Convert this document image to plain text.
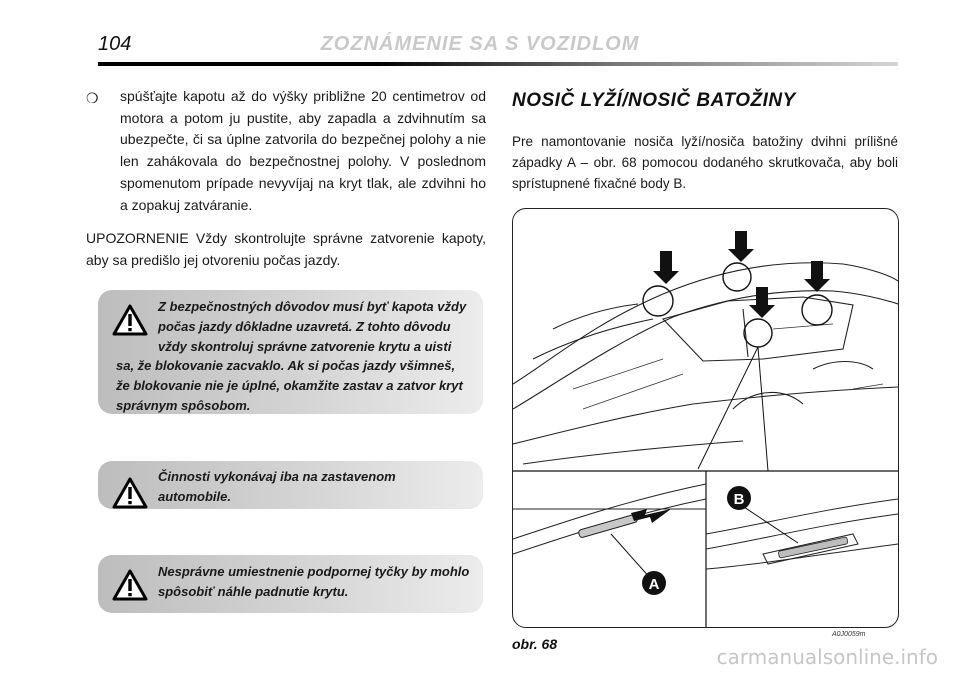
104	ZOZNÁMENIE SA S VOZIDLOM
❍ spúšťajte kapotu až do výšky približne 20 centimetrov od motora a potom ju pustite, aby zapadla a zdvihnutím sa ubezpečte, či sa úplne zatvorila do bezpečnej polohy a nie len zahákovala do bezpečnostnej polohy. V poslednom spomenutom prípade nevyvíjaj na kryt tlak, ale zdvihni ho a zopakuj zatváranie.
UPOZORNENIE Vždy skontrolujte správne zatvorenie kapoty, aby sa predišlo jej otvoreniu počas jazdy.
Z bezpečnostných dôvodov musí byť kapota vždy počas jazdy dôkladne uzavretá. Z tohto dôvodu vždy skontroluj správne zatvorenie krytu a uisti
sa, že blokovanie zacvaklo. Ak si počas jazdy všimneš, že blokovanie nie je úplné, okamžite zastav a zatvor kryt správnym spôsobom.
Činnosti vykonávaj iba na zastavenom automobile.
Nesprávne umiestnenie podpornej tyčky by mohlo spôsobiť náhle padnutie krytu.
NOSIČ LYŽÍ/NOSIČ BATOŽINY
Pre namontovanie nosiča lyží/nosiča batožiny dvihni prílišné západky A – obr. 68 pomocou dodaného skrutkovača, aby boli sprístupnené fixačné body B.
A
B
obr. 68
A0J0059m
carmanualsonline.info
